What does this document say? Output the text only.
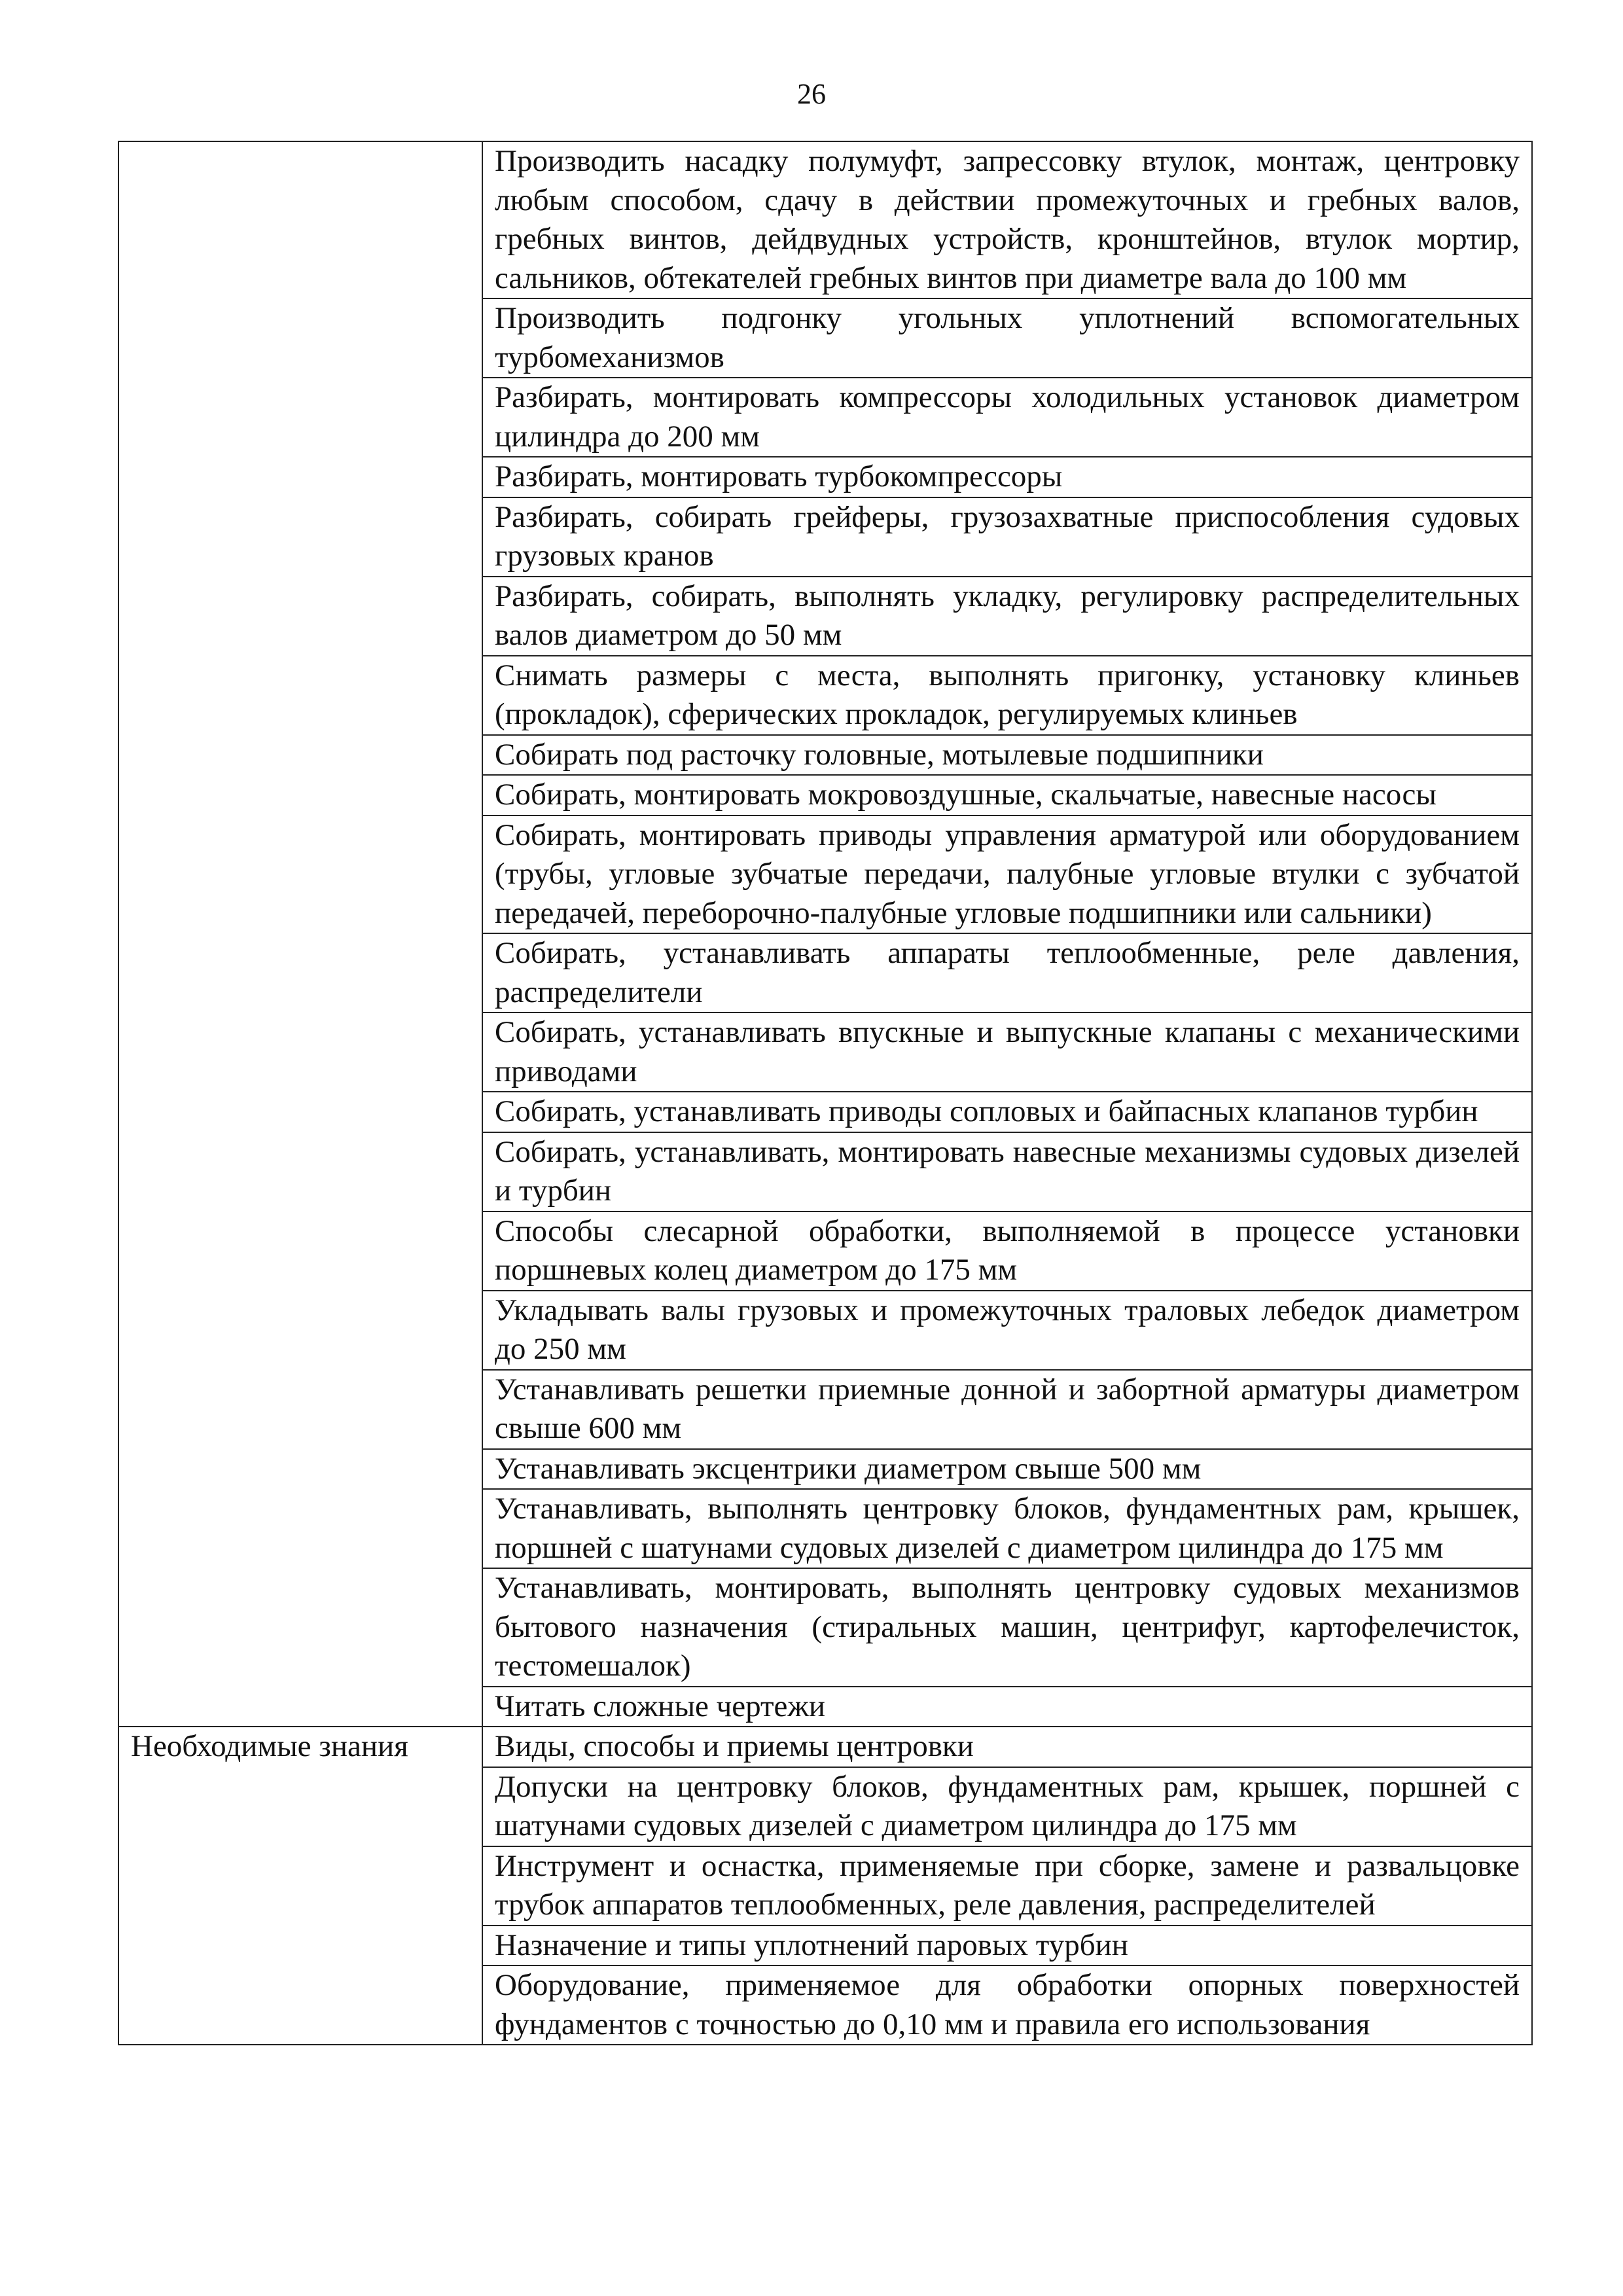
26
	Производить насадку полумуфт, запрессовку втулок, монтаж, центровку любым способом, сдачу в действии промежуточных и гребных валов, гребных винтов, дейдвудных устройств, кронштейнов, втулок мортир, сальников, обтекателей гребных винтов при диаметре вала до 100 мм
	Производить подгонку угольных уплотнений вспомогательных турбомеханизмов
	Разбирать, монтировать компрессоры холодильных установок диаметром цилиндра до 200 мм
	Разбирать, монтировать турбокомпрессоры
	Разбирать, собирать грейферы, грузозахватные приспособления судовых грузовых кранов
	Разбирать, собирать, выполнять укладку, регулировку распределительных валов диаметром до 50 мм
	Снимать размеры с места, выполнять пригонку, установку клиньев (прокладок), сферических прокладок, регулируемых клиньев
	Собирать под расточку головные, мотылевые подшипники
	Собирать, монтировать мокровоздушные, скальчатые, навесные насосы
	Собирать, монтировать приводы управления арматурой или оборудованием (трубы, угловые зубчатые передачи, палубные угловые втулки с зубчатой передачей, переборочно-палубные угловые подшипники или сальники)
	Собирать, устанавливать аппараты теплообменные, реле давления, распределители
	Собирать, устанавливать впускные и выпускные клапаны с механическими приводами
	Собирать, устанавливать приводы сопловых и байпасных клапанов турбин
	Собирать, устанавливать, монтировать навесные механизмы судовых дизелей и турбин
	Способы слесарной обработки, выполняемой в процессе установки поршневых колец диаметром до 175 мм
	Укладывать валы грузовых и промежуточных траловых лебедок диаметром до 250 мм
	Устанавливать решетки приемные донной и забортной арматуры диаметром свыше 600 мм
	Устанавливать эксцентрики диаметром свыше 500 мм
	Устанавливать, выполнять центровку блоков, фундаментных рам, крышек, поршней с шатунами судовых дизелей с диаметром цилиндра до 175 мм
	Устанавливать, монтировать, выполнять центровку судовых механизмов бытового назначения (стиральных машин, центрифуг, картофелечисток, тестомешалок)
	Читать сложные чертежи
Необходимые знания	Виды, способы и приемы центровки
	Допуски на центровку блоков, фундаментных рам, крышек, поршней с шатунами судовых дизелей с диаметром цилиндра до 175 мм
	Инструмент и оснастка, применяемые при сборке, замене и развальцовке трубок аппаратов теплообменных, реле давления, распределителей
	Назначение и типы уплотнений паровых турбин
	Оборудование, применяемое для обработки опорных поверхностей фундаментов с точностью до 0,10 мм и правила его использования
